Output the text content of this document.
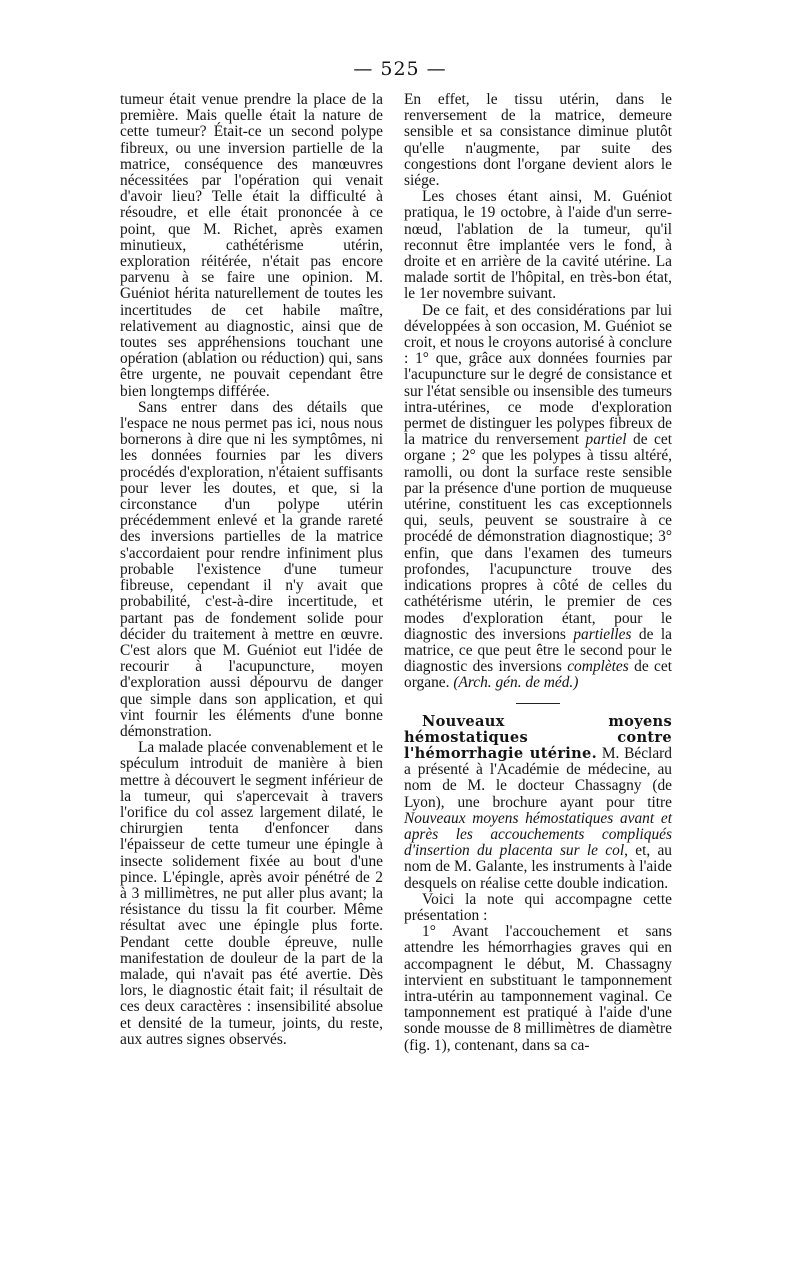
— 525 —

tumeur était venue prendre la place de la première. Mais quelle était la nature de cette tumeur? Était-ce un second polype fibreux, ou une inversion partielle de la matrice, conséquence des manœuvres nécessitées par l'opération qui venait d'avoir lieu? Telle était la difficulté à résoudre, et elle était prononcée à ce point, que M. Richet, après examen minutieux, cathétérisme utérin, exploration réitérée, n'était pas encore parvenu à se faire une opinion. M. Guéniot hérita naturellement de toutes les incertitudes de cet habile maître, relativement au diagnostic, ainsi que de toutes ses appréhensions touchant une opération (ablation ou réduction) qui, sans être urgente, ne pouvait cependant être bien longtemps différée.

Sans entrer dans des détails que l'espace ne nous permet pas ici, nous nous bornerons à dire que ni les symptômes, ni les données fournies par les divers procédés d'exploration, n'étaient suffisants pour lever les doutes, et que, si la circonstance d'un polype utérin précédemment enlevé et la grande rareté des inversions partielles de la matrice s'accordaient pour rendre infiniment plus probable l'existence d'une tumeur fibreuse, cependant il n'y avait que probabilité, c'est-à-dire incertitude, et partant pas de fondement solide pour décider du traitement à mettre en œuvre. C'est alors que M. Guéniot eut l'idée de recourir à l'acupuncture, moyen d'exploration aussi dépourvu de danger que simple dans son application, et qui vint fournir les éléments d'une bonne démonstration.

La malade placée convenablement et le spéculum introduit de manière à bien mettre à découvert le segment inférieur de la tumeur, qui s'apercevait à travers l'orifice du col assez largement dilaté, le chirurgien tenta d'enfoncer dans l'épaisseur de cette tumeur une épingle à insecte solidement fixée au bout d'une pince. L'épingle, après avoir pénétré de 2 à 3 millimètres, ne put aller plus avant; la résistance du tissu la fit courber. Même résultat avec une épingle plus forte. Pendant cette double épreuve, nulle manifestation de douleur de la part de la malade, qui n'avait pas été avertie. Dès lors, le diagnostic était fait; il résultait de ces deux caractères : insensibilité absolue et densité de la tumeur, joints, du reste, aux autres signes observés.

En effet, le tissu utérin, dans le renversement de la matrice, demeure sensible et sa consistance diminue plutôt qu'elle n'augmente, par suite des congestions dont l'organe devient alors le siége.

Les choses étant ainsi, M. Guéniot pratiqua, le 19 octobre, à l'aide d'un serre-nœud, l'ablation de la tumeur, qu'il reconnut être implantée vers le fond, à droite et en arrière de la cavité utérine. La malade sortit de l'hôpital, en très-bon état, le 1er novembre suivant.

De ce fait, et des considérations par lui développées à son occasion, M. Guéniot se croit, et nous le croyons autorisé à conclure : 1° que, grâce aux données fournies par l'acupuncture sur le degré de consistance et sur l'état sensible ou insensible des tumeurs intra-utérines, ce mode d'exploration permet de distinguer les polypes fibreux de la matrice du renversement partiel de cet organe ; 2° que les polypes à tissu altéré, ramolli, ou dont la surface reste sensible par la présence d'une portion de muqueuse utérine, constituent les cas exceptionnels qui, seuls, peuvent se soustraire à ce procédé de démonstration diagnostique; 3° enfin, que dans l'examen des tumeurs profondes, l'acupuncture trouve des indications propres à côté de celles du cathétérisme utérin, le premier de ces modes d'exploration étant, pour le diagnostic des inversions partielles de la matrice, ce que peut être le second pour le diagnostic des inversions complètes de cet organe. (Arch. gén. de méd.)

Nouveaux moyens hémostatiques contre l'hémorrhagie utérine. M. Béclard a présenté à l'Académie de médecine, au nom de M. le docteur Chassagny (de Lyon), une brochure ayant pour titre Nouveaux moyens hémostatiques avant et après les accouchements compliqués d'insertion du placenta sur le col, et, au nom de M. Galante, les instruments à l'aide desquels on réalise cette double indication.

Voici la note qui accompagne cette présentation :

1° Avant l'accouchement et sans attendre les hémorrhagies graves qui en accompagnent le début, M. Chassagny intervient en substituant le tamponnement intra-utérin au tamponnement vaginal. Ce tamponnement est pratiqué à l'aide d'une sonde mousse de 8 millimètres de diamètre (fig. 1), contenant, dans sa ca-
